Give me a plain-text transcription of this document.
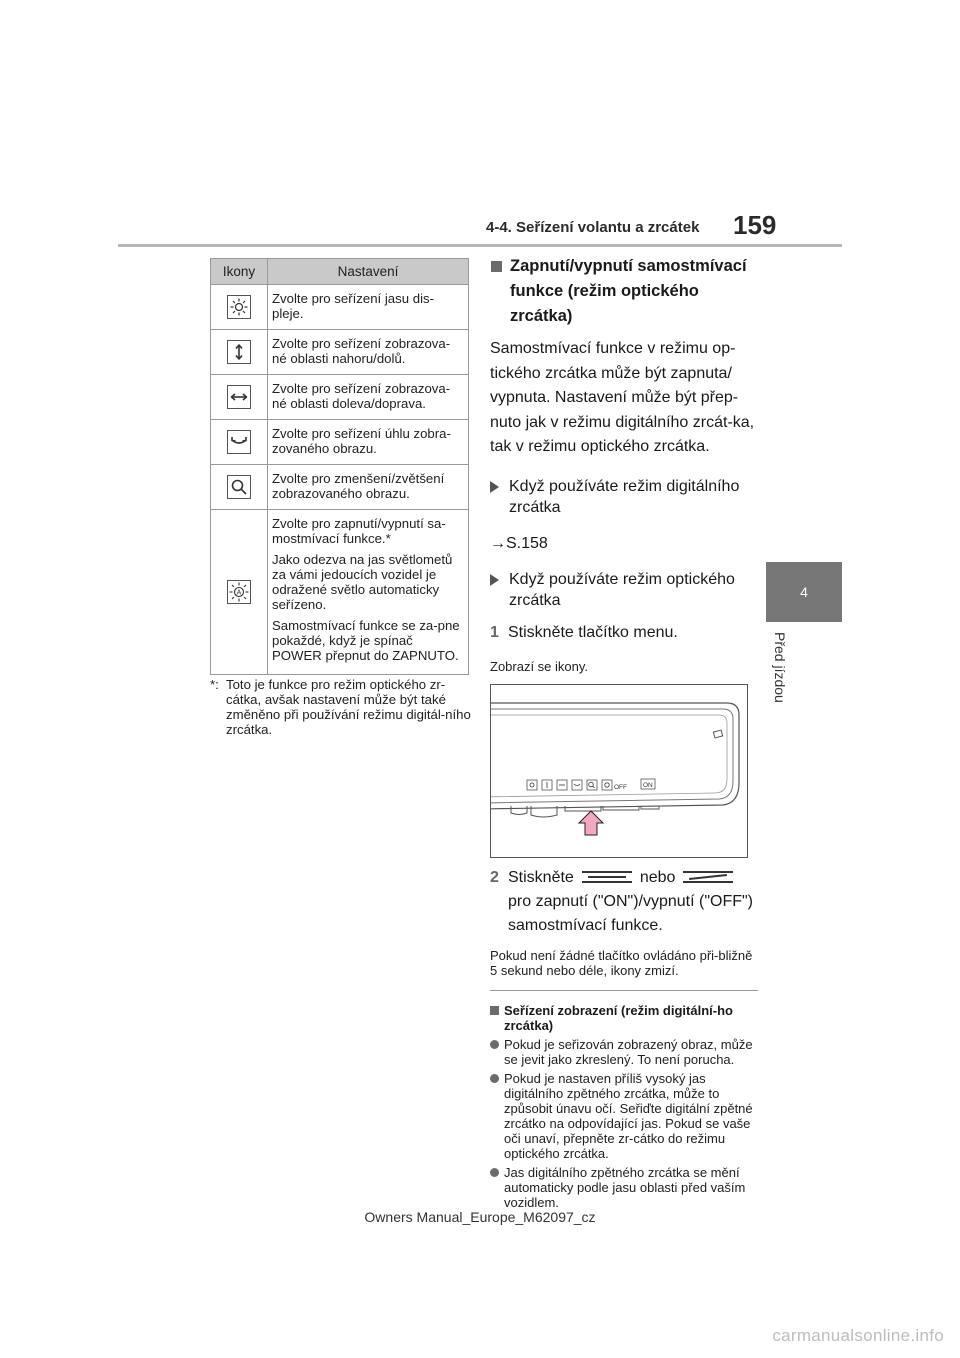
4-4. Seřízení volantu a zrcátek 159
4
Před jízdou
Ikony	Nastavení

Zvolte pro seřízení jasu dis-pleje.

Zvolte pro seřízení zobrazova-né oblasti nahoru/dolů.

Zvolte pro seřízení zobrazova-né oblasti doleva/doprava.

Zvolte pro seřízení úhlu zobra-zovaného obrazu.

Zvolte pro zmenšení/zvětšení zobrazovaného obrazu.

A	Zvolte pro zapnutí/vypnutí sa-mostmívací funkce.*

Jako odezva na jas světlometů za vámi jedoucích vozidel je odražené světlo automaticky seřízeno.

Samostmívací funkce se za-pne pokaždé, když je spínač POWER přepnut do ZAPNUTO.

*: Toto je funkce pro režim optického zr-cátka, avšak nastavení může být také změněno při používání režimu digitál-ního zrcátka.
Zapnutí/vypnutí samostmívací funkce (režim optického zrcátka)

Samostmívací funkce v režimu op-tického zrcátka může být zapnuta/ vypnuta. Nastavení může být přep-nuto jak v režimu digitálního zrcát-ka, tak v režimu optického zrcátka.

Když používáte režim digitálního zrcátka
→S.158
Když používáte režim optického zrcátka
1 Stiskněte tlačítko menu.

Zobrazí se ikony.

OFF ON
2 Stiskněte	nebo pro zapnutí ("ON")/vypnutí ("OFF") samostmívací funkce.

Pokud není žádné tlačítko ovládáno při-bližně 5 sekund nebo déle, ikony zmizí.

Seřízení zobrazení (režim digitální-ho zrcátka)
Pokud je seřizován zobrazený obraz, může se jevit jako zkreslený. To není porucha.
Pokud je nastaven příliš vysoký jas digitálního zpětného zrcátka, může to způsobit únavu očí. Seřiďte digitální zpětné zrcátko na odpovídající jas. Pokud se vaše oči unaví, přepněte zr-cátko do režimu optického zrcátka.
Jas digitálního zpětného zrcátka se mění automaticky podle jasu oblasti před vaším vozidlem.
Owners Manual_Europe_M62097_cz
carmanualsonline.info
